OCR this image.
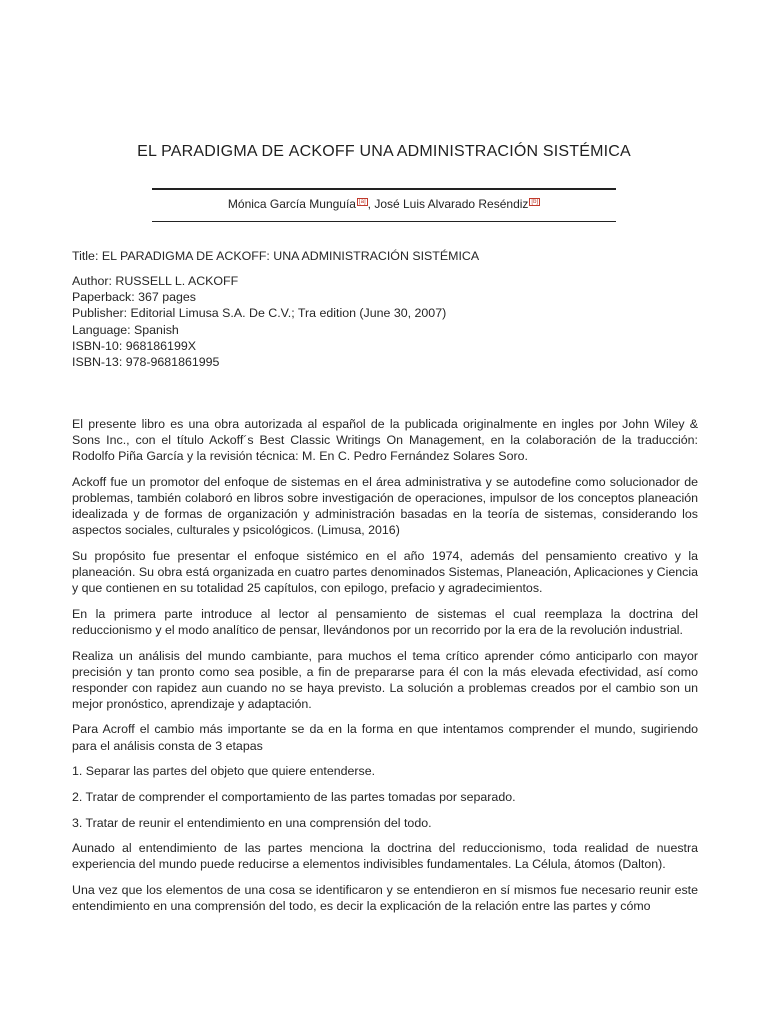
EL PARADIGMA DE ACKOFF UNA ADMINISTRACIÓN SISTÉMICA
Mónica García Munguía [a] , José Luis Alvarado Reséndiz [b]
Title: EL PARADIGMA DE ACKOFF: UNA ADMINISTRACIÓN SISTÉMICA
Author: RUSSELL L. ACKOFF
Paperback: 367 pages
Publisher: Editorial Limusa S.A. De C.V.; Tra edition (June 30, 2007)
Language: Spanish
ISBN-10: 968186199X
ISBN-13: 978-9681861995

El presente libro es una obra autorizada al español de la publicada originalmente en ingles por John Wiley & Sons Inc., con el título Ackoff´s Best Classic Writings On Management, en la colaboración de la traducción: Rodolfo Piña García y la revisión técnica: M. En C. Pedro Fernández Solares Soro.

Ackoff fue un promotor del enfoque de sistemas en el área administrativa y se autodefine como solucionador de problemas, también colaboró en libros sobre investigación de operaciones, impulsor de los conceptos planeación idealizada y de formas de organización y administración basadas en la teoría de sistemas, considerando los aspectos sociales, culturales y psicológicos. (Limusa, 2016)

Su propósito fue presentar el enfoque sistémico en el año 1974, además del pensamiento creativo y la planeación. Su obra está organizada en cuatro partes denominados Sistemas, Planeación, Aplicaciones y Ciencia y que contienen en su totalidad 25 capítulos, con epilogo, prefacio y agradecimientos.

En la primera parte introduce al lector al pensamiento de sistemas el cual reemplaza la doctrina del reduccionismo y el modo analítico de pensar, llevándonos por un recorrido por la era de la revolución industrial.

Realiza un análisis del mundo cambiante, para muchos el tema crítico aprender cómo anticiparlo con mayor precisión y tan pronto como sea posible, a fin de prepararse para él con la más elevada efectividad, así como responder con rapidez aun cuando no se haya previsto. La solución a problemas creados por el cambio son un mejor pronóstico, aprendizaje y adaptación.

Para Acroff el cambio más importante se da en la forma en que intentamos comprender el mundo, sugiriendo para el análisis consta de 3 etapas

1. Separar las partes del objeto que quiere entenderse.

2. Tratar de comprender el comportamiento de las partes tomadas por separado.

3. Tratar de reunir el entendimiento en una comprensión del todo.

Aunado al entendimiento de las partes menciona la doctrina del reduccionismo, toda realidad de nuestra experiencia del mundo puede reducirse a elementos indivisibles fundamentales. La Célula, átomos (Dalton).

Una vez que los elementos de una cosa se identificaron y se entendieron en sí mismos fue necesario reunir este entendimiento en una comprensión del todo, es decir la explicación de la relación entre las partes y cómo
